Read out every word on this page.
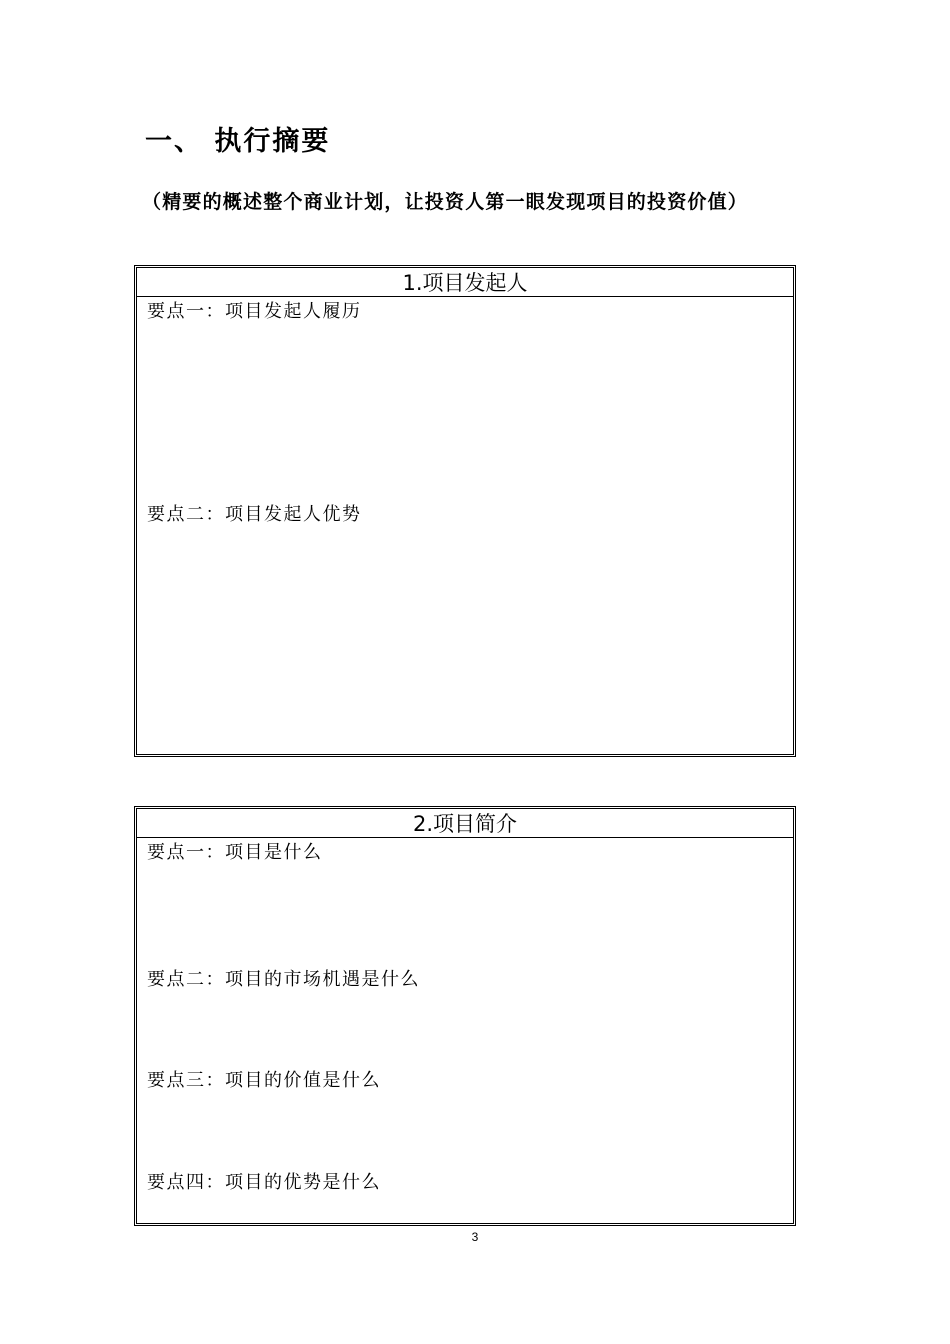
一、 执行摘要
（精要的概述整个商业计划，让投资人第一眼发现项目的投资价值）
1.项目发起人
要点一：项目发起人履历
要点二：项目发起人优势
2.项目简介
要点一：项目是什么
要点二：项目的市场机遇是什么
要点三：项目的价值是什么
要点四：项目的优势是什么
3
